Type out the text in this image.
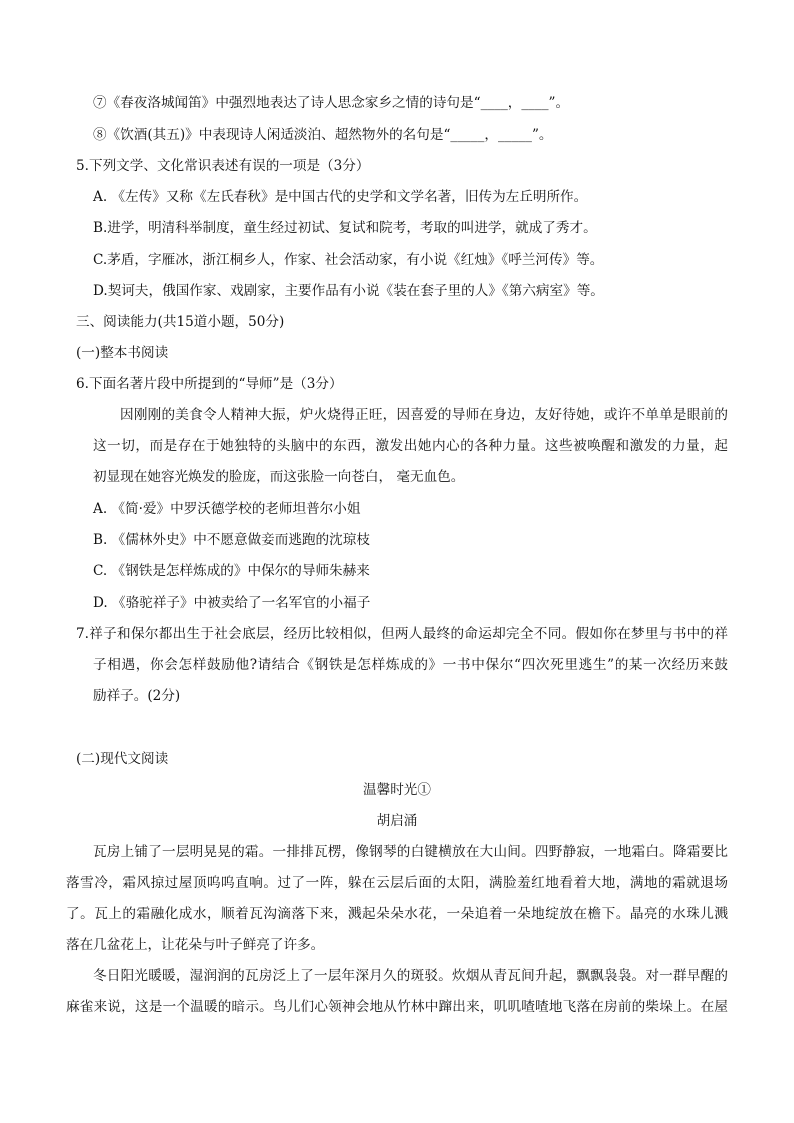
⑦《春夜洛城闻笛》中强烈地表达了诗人思念家乡之情的诗句是“____，____”。
⑧《饮酒(其五)》中表现诗人闲适淡泊、超然物外的名句是“_____，_____”。
5.下列文学、文化常识表述有误的一项是（3分）
A. 《左传》又称《左氏春秋》是中国古代的史学和文学名著，旧传为左丘明所作。
B.进学，明清科举制度，童生经过初试、复试和院考，考取的叫进学，就成了秀才。
C.茅盾，字雁冰，浙江桐乡人，作家、社会活动家，有小说《红烛》《呼兰河传》等。
D.契诃夫，俄国作家、戏剧家，主要作品有小说《装在套子里的人》《第六病室》等。
三、阅读能力(共15道小题，50分)
(一)整本书阅读
6.下面名著片段中所提到的“导师”是（3分）
因刚刚的美食令人精神大振，炉火烧得正旺，因喜爱的导师在身边，友好待她，或许不单单是眼前的
这一切，而是存在于她独特的头脑中的东西，激发出她内心的各种力量。这些被唤醒和激发的力量，起
初显现在她容光焕发的脸庞，而这张脸一向苍白， 毫无血色。
A. 《简·爱》中罗沃德学校的老师坦普尔小姐
B. 《儒林外史》中不愿意做妾而逃跑的沈琼枝
C. 《钢铁是怎样炼成的》中保尔的导师朱赫来
D. 《骆驼祥子》中被卖给了一名军官的小福子
7.祥子和保尔都出生于社会底层，经历比较相似，但两人最终的命运却完全不同。假如你在梦里与书中的祥
子相遇，你会怎样鼓励他?请结合《钢铁是怎样炼成的》一书中保尔“四次死里逃生”的某一次经历来鼓
励祥子。(2分)
(二)现代文阅读
温馨时光①
胡启涌
瓦房上铺了一层明晃晃的霜。一排排瓦楞，像钢琴的白键横放在大山间。四野静寂，一地霜白。降霜要比
落雪冷，霜风掠过屋顶呜呜直响。过了一阵，躲在云层后面的太阳，满脸羞红地看着大地，满地的霜就退场
了。瓦上的霜融化成水，顺着瓦沟滴落下来，溅起朵朵水花，一朵追着一朵地绽放在檐下。晶亮的水珠儿溅
落在几盆花上，让花朵与叶子鲜亮了许多。
冬日阳光暖暖，湿润润的瓦房泛上了一层年深月久的斑驳。炊烟从青瓦间升起，飘飘袅袅。对一群早醒的
麻雀来说，这是一个温暖的暗示。鸟儿们心领神会地从竹林中蹿出来，叽叽喳喳地飞落在房前的柴垛上。在屋
